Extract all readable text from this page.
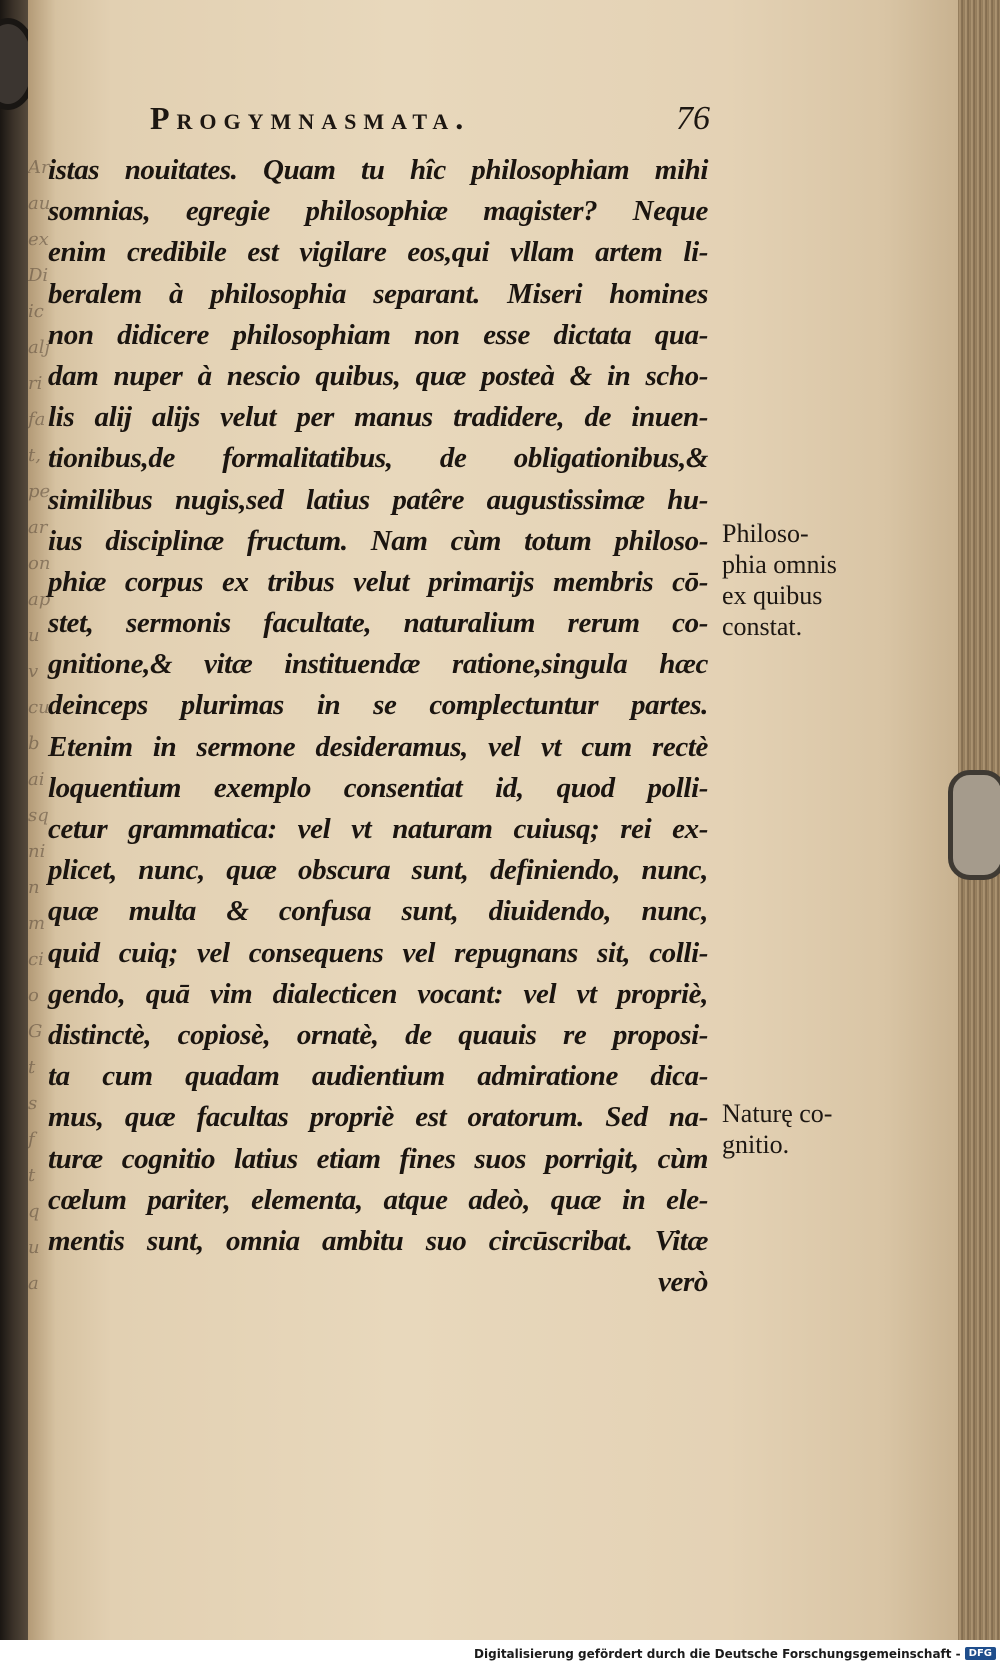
Ar
au
ex
Di
ic
alj
ri
fa
t,
pe
ar
on
ap
u
v
cu
b
ai
sq
ni
n
m
ci
o
G
t
s
f
t
q
u
a
Progymnasmata.	76
istas nouitates. Quam tu hîc philosophiam mihi
somnias, egregie philosophiæ magister? Neque
enim credibile est vigilare eos,qui vllam artem li-
beralem à philosophia separant. Miseri homines
non didicere philosophiam non esse dictata qua-
dam nuper à nescio quibus, quæ posteà & in scho-
lis alij alijs velut per manus tradidere, de inuen-
tionibus,de formalitatibus, de obligationibus,&
similibus nugis,sed latius patêre augustissimæ hu-
ius disciplinæ fructum. Nam cùm totum philoso-
phiæ corpus ex tribus velut primarijs membris cō-
stet, sermonis facultate, naturalium rerum co-
gnitione,& vitæ instituendæ ratione,singula hæc
deinceps plurimas in se complectuntur partes.
Etenim in sermone desideramus, vel vt cum rectè
loquentium exemplo consentiat id, quod polli-
cetur grammatica: vel vt naturam cuiusq; rei ex-
plicet, nunc, quæ obscura sunt, definiendo, nunc,
quæ multa & confusa sunt, diuidendo, nunc,
quid cuiq; vel consequens vel repugnans sit, colli-
gendo, quā vim dialecticen vocant: vel vt propriè,
distinctè, copiosè, ornatè, de quauis re proposi-
ta cum quadam audientium admiratione dica-
mus, quæ facultas propriè est oratorum. Sed na-
turæ cognitio latius etiam fines suos porrigit, cùm
cœlum pariter, elementa, atque adeò, quæ in ele-
mentis sunt, omnia ambitu suo circūscribat. Vitæ
verò
Philoso-
phia omnis
ex quibus
constat.
Naturę co-
gnitio.
Digitalisierung gefördert durch die Deutsche Forschungsgemeinschaft - DFG
